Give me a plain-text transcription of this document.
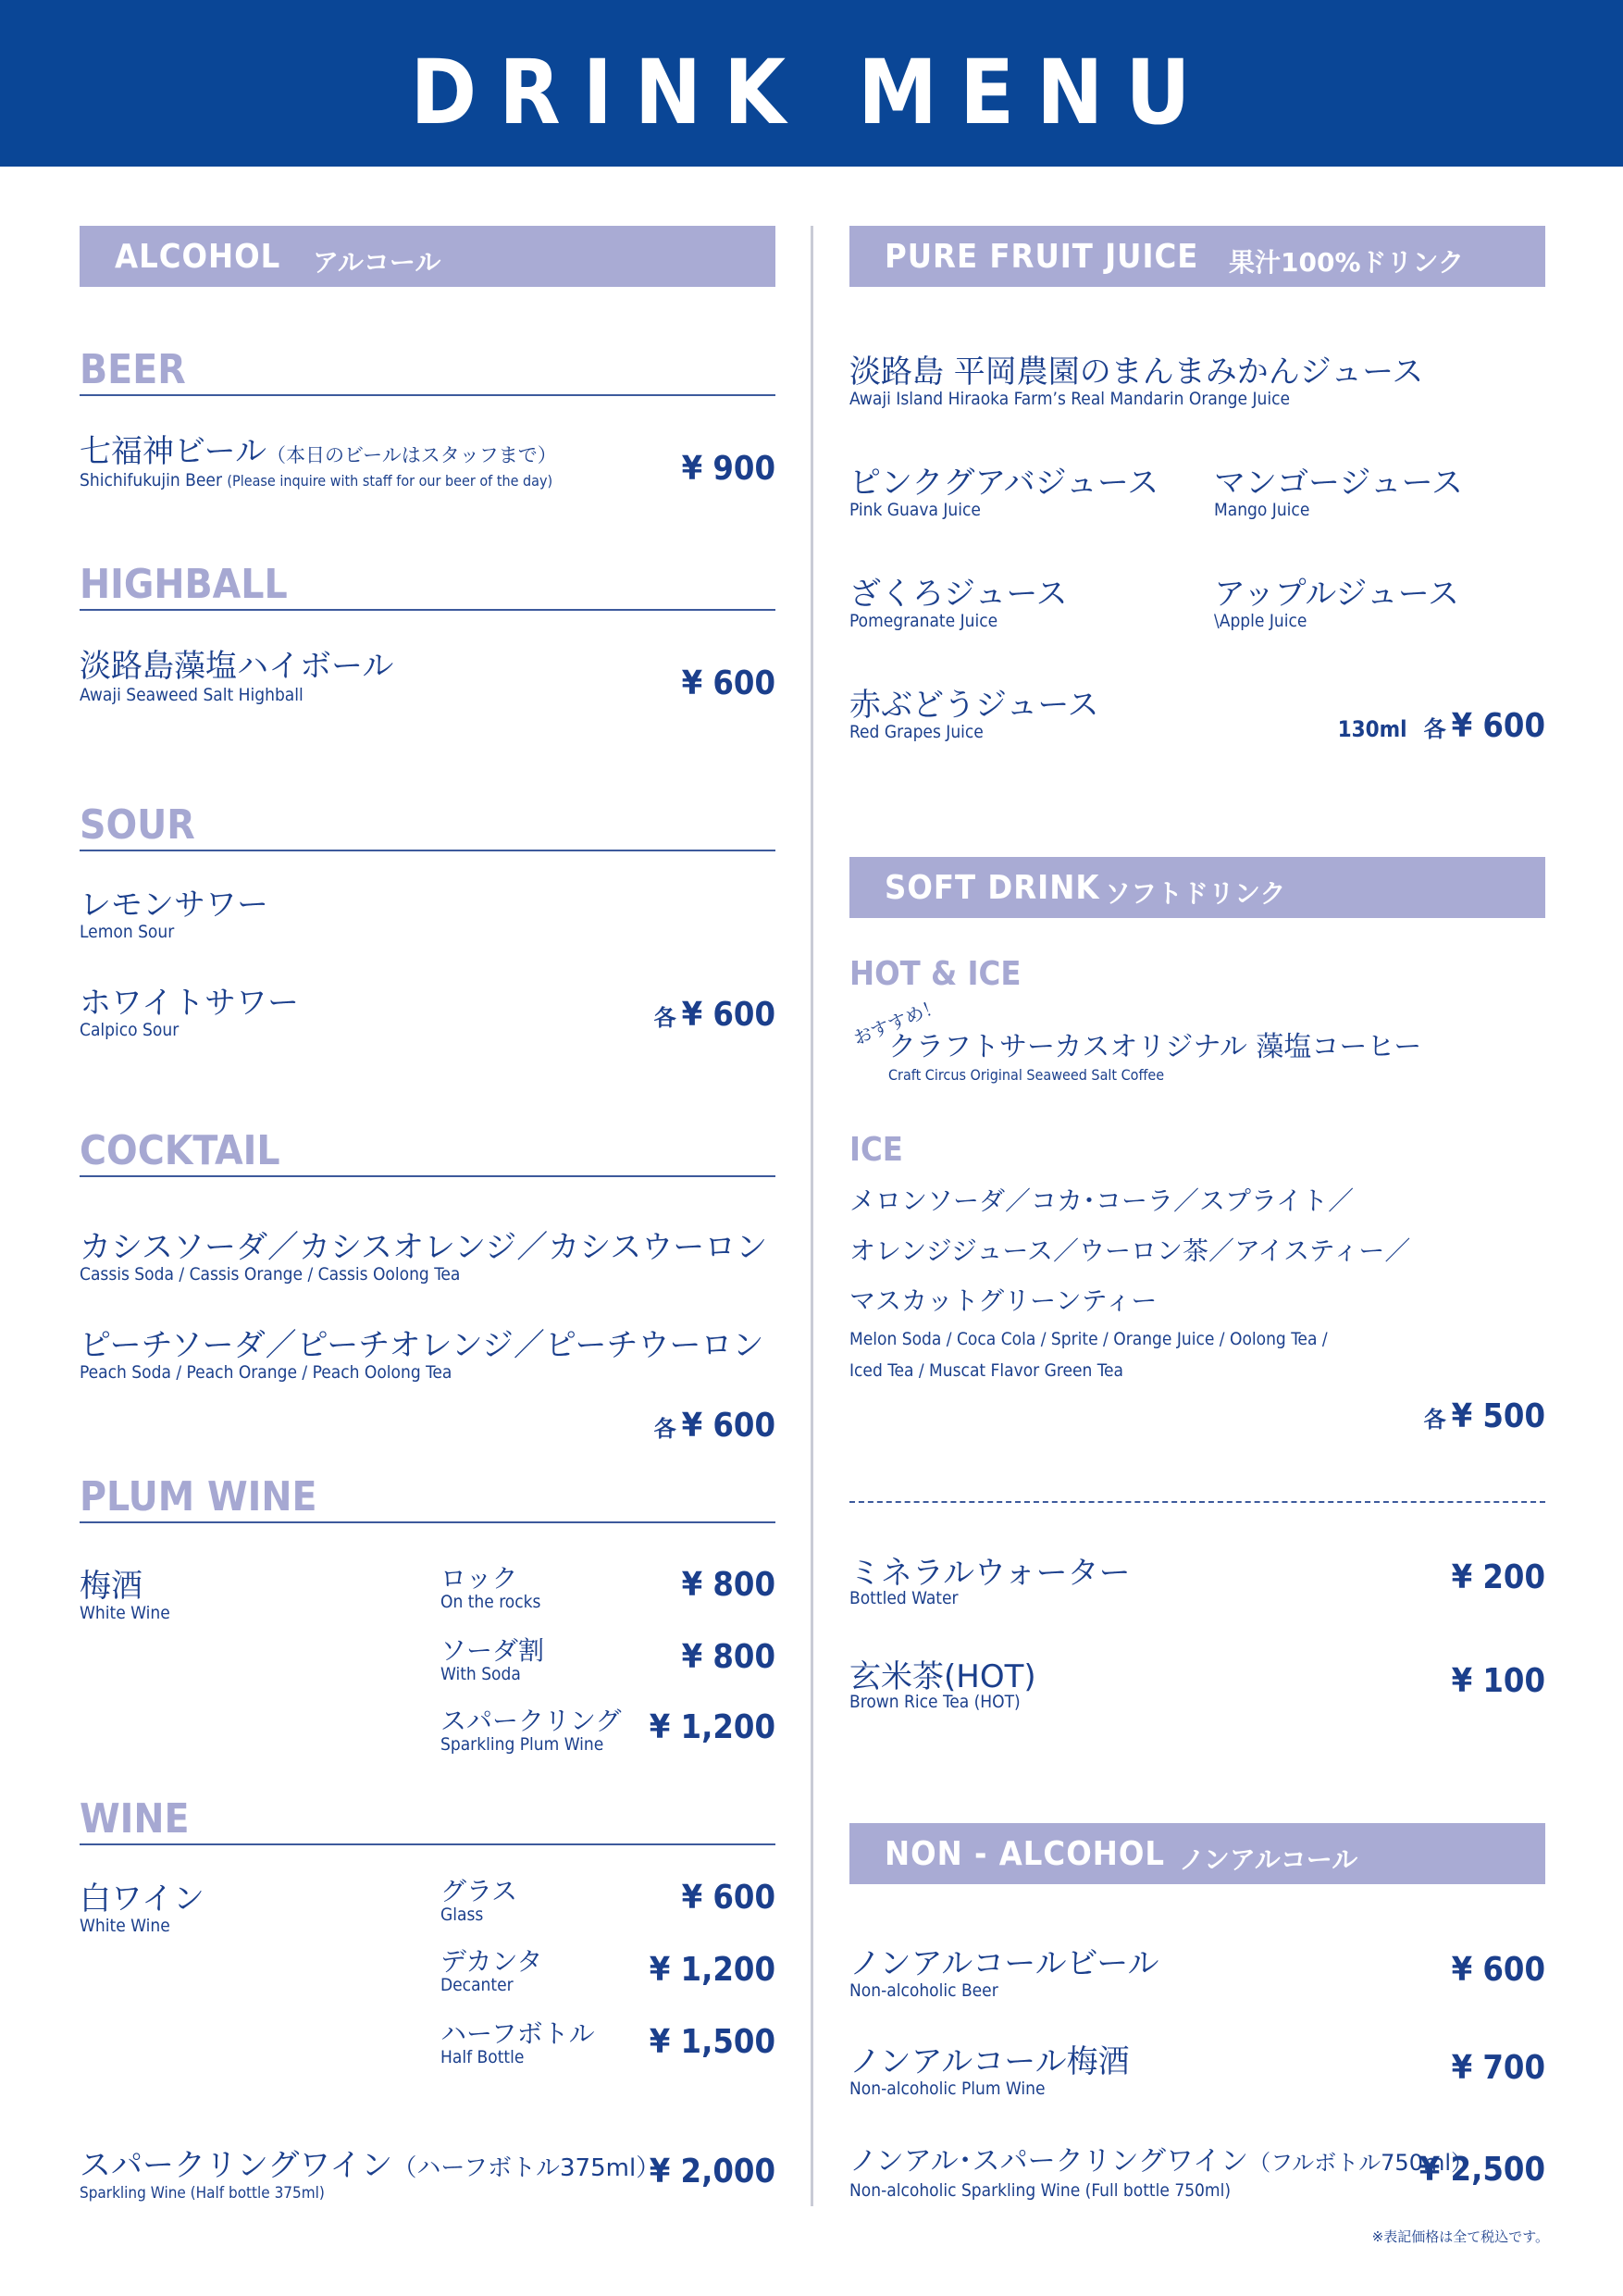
DRINK MENU
ALCOHOL アルコール
BEER
七福神ビール（本日のビールはスタッフまで）
Shichifukujin Beer (Please inquire with staff for our beer of the day)	¥ 900
HIGHBALL
淡路島藻塩ハイボール
Awaji Seaweed Salt Highball	¥ 600
SOUR
レモンサワー
Lemon Sour
ホワイトサワー
Calpico Sour	各 ¥ 600
COCKTAIL
カシスソーダ／カシスオレンジ／カシスウーロン
Cassis Soda / Cassis Orange / Cassis Oolong Tea
ピーチソーダ／ピーチオレンジ／ピーチウーロン
Peach Soda / Peach Orange / Peach Oolong Tea
各 ¥ 600
PLUM WINE
梅酒
White Wine
ロック
On the rocks	¥ 800
ソーダ割
With Soda	¥ 800
スパークリング
Sparkling Plum Wine ¥ 1,200
WINE
白ワイン
White Wine
グラス
Glass	¥ 600
デカンタ
Decanter	¥ 1,200
ハーフボトル
Half Bottle	¥ 1,500
スパークリングワイン（ハーフボトル375ml）
Sparkling Wine (Half bottle 375ml)
¥ 2,000
PURE FRUIT JUICE 果汁100%ドリンク
淡路島 平岡農園のまんまみかんジュース
Awaji Island Hiraoka Farm’s Real Mandarin Orange Juice
ピンクグアバジュース
Pink Guava Juice
マンゴージュース
Mango Juice
ざくろジュース
Pomegranate Juice
アップルジュース
\Apple Juice
赤ぶどうジュース
Red Grapes Juice	130ml 各 ¥ 600
SOFT DRINK ソフトドリンク
HOT & ICE
おすすめ！
クラフトサーカスオリジナル 藻塩コーヒー
Craft Circus Original Seaweed Salt Coffee
ICE
メロンソーダ／コカ･コーラ／スプライト／
オレンジジュース／ウーロン茶／アイスティー／
マスカットグリーンティー
Melon Soda / Coca Cola / Sprite / Orange Juice / Oolong Tea /
Iced Tea / Muscat Flavor Green Tea
各 ¥ 500
ミネラルウォーター
Bottled Water
¥ 200
玄米茶(HOT)
Brown Rice Tea (HOT)
¥ 100
NON - ALCOHOL ノンアルコール
ノンアルコールビール
Non-alcoholic Beer
¥ 600
ノンアルコール梅酒
Non-alcoholic Plum Wine
¥ 700
ノンアル･スパークリングワイン（フルボトル750ml）
Non-alcoholic Sparkling Wine (Full bottle 750ml)
¥ 2,500
※表記価格は全て税込です。
